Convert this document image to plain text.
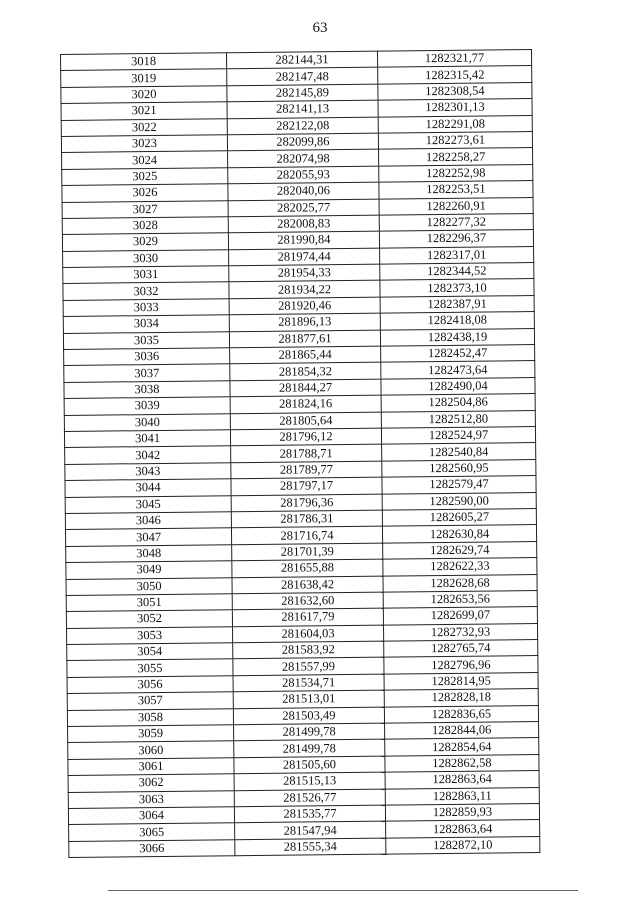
63
3018	282144,31	1282321,77
3019	282147,48	1282315,42
3020	282145,89	1282308,54
3021	282141,13	1282301,13
3022	282122,08	1282291,08
3023	282099,86	1282273,61
3024	282074,98	1282258,27
3025	282055,93	1282252,98
3026	282040,06	1282253,51
3027	282025,77	1282260,91
3028	282008,83	1282277,32
3029	281990,84	1282296,37
3030	281974,44	1282317,01
3031	281954,33	1282344,52
3032	281934,22	1282373,10
3033	281920,46	1282387,91
3034	281896,13	1282418,08
3035	281877,61	1282438,19
3036	281865,44	1282452,47
3037	281854,32	1282473,64
3038	281844,27	1282490,04
3039	281824,16	1282504,86
3040	281805,64	1282512,80
3041	281796,12	1282524,97
3042	281788,71	1282540,84
3043	281789,77	1282560,95
3044	281797,17	1282579,47
3045	281796,36	1282590,00
3046	281786,31	1282605,27
3047	281716,74	1282630,84
3048	281701,39	1282629,74
3049	281655,88	1282622,33
3050	281638,42	1282628,68
3051	281632,60	1282653,56
3052	281617,79	1282699,07
3053	281604,03	1282732,93
3054	281583,92	1282765,74
3055	281557,99	1282796,96
3056	281534,71	1282814,95
3057	281513,01	1282828,18
3058	281503,49	1282836,65
3059	281499,78	1282844,06
3060	281499,78	1282854,64
3061	281505,60	1282862,58
3062	281515,13	1282863,64
3063	281526,77	1282863,11
3064	281535,77	1282859,93
3065	281547,94	1282863,64
3066	281555,34	1282872,10
